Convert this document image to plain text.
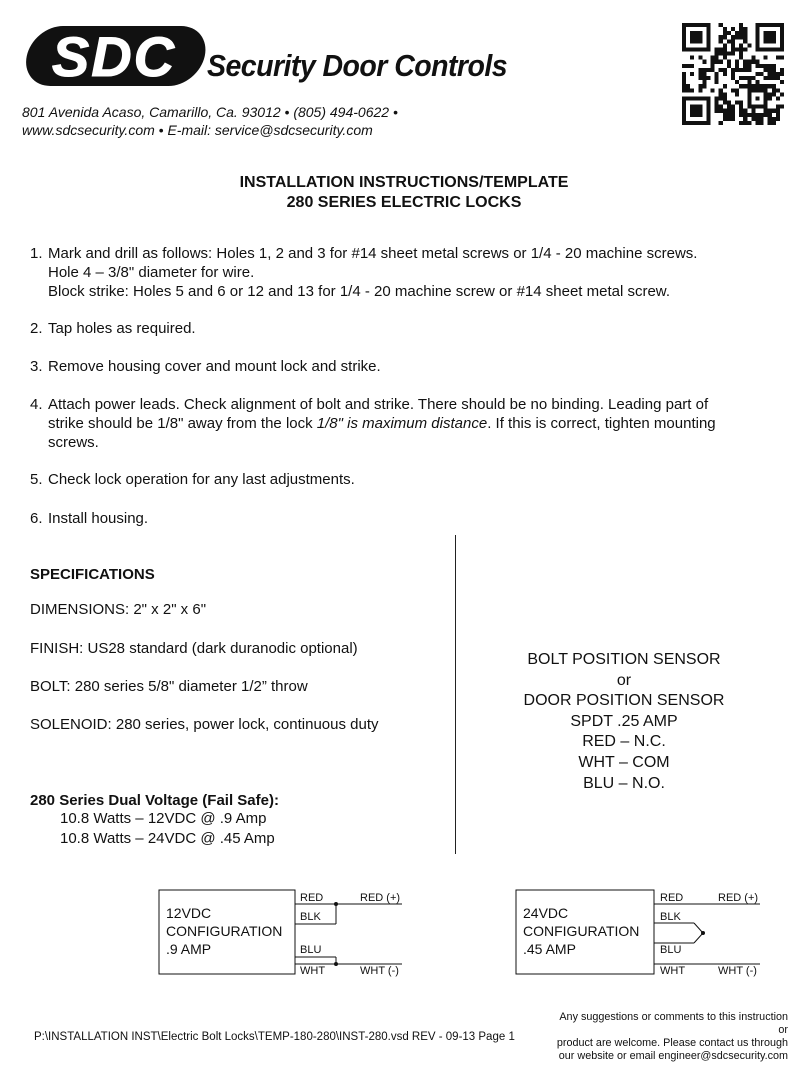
SDC Security Door Controls
801 Avenida Acaso, Camarillo, Ca. 93012 • (805) 494-0622 •
www.sdcsecurity.com • E-mail: service@sdcsecurity.com
INSTALLATION INSTRUCTIONS/TEMPLATE
280 SERIES ELECTRIC LOCKS
1. Mark and drill as follows: Holes 1, 2 and 3 for #14 sheet metal screws or 1/4 - 20 machine screws.
Hole 4 – 3/8" diameter for wire.
Block strike: Holes 5 and 6 or 12 and 13 for 1/4 - 20 machine screw or #14 sheet metal screw.
2. Tap holes as required.
3. Remove housing cover and mount lock and strike.
4. Attach power leads. Check alignment of bolt and strike. There should be no binding. Leading part of
strike should be 1/8" away from the lock 1/8" is maximum distance. If this is correct, tighten mounting
screws.
5. Check lock operation for any last adjustments.
6. Install housing.
SPECIFICATIONS
DIMENSIONS: 2" x 2" x 6"
FINISH: US28 standard (dark duranodic optional)
BOLT: 280 series 5/8" diameter 1/2” throw
SOLENOID: 280 series, power lock, continuous duty
BOLT POSITION SENSOR
or
DOOR POSITION SENSOR
SPDT .25 AMP
RED – N.C.
WHT – COM
BLU – N.O.
280 Series Dual Voltage (Fail Safe):
10.8 Watts – 12VDC @ .9 Amp
10.8 Watts – 24VDC @ .45 Amp
12VDC
CONFIGURATION
.9 AMP
RED
BLK
BLU
WHT
RED (+)
WHT (-)
24VDC
CONFIGURATION
.45 AMP
RED
BLK
BLU
WHT
RED (+)
WHT (-)
P:\INSTALLATION INST\Electric Bolt Locks\TEMP-180-280\INST-280.vsd REV - 09-13 Page 1
Any suggestions or comments to this instruction or
product are welcome. Please contact us through
our website or email engineer@sdcsecurity.com
